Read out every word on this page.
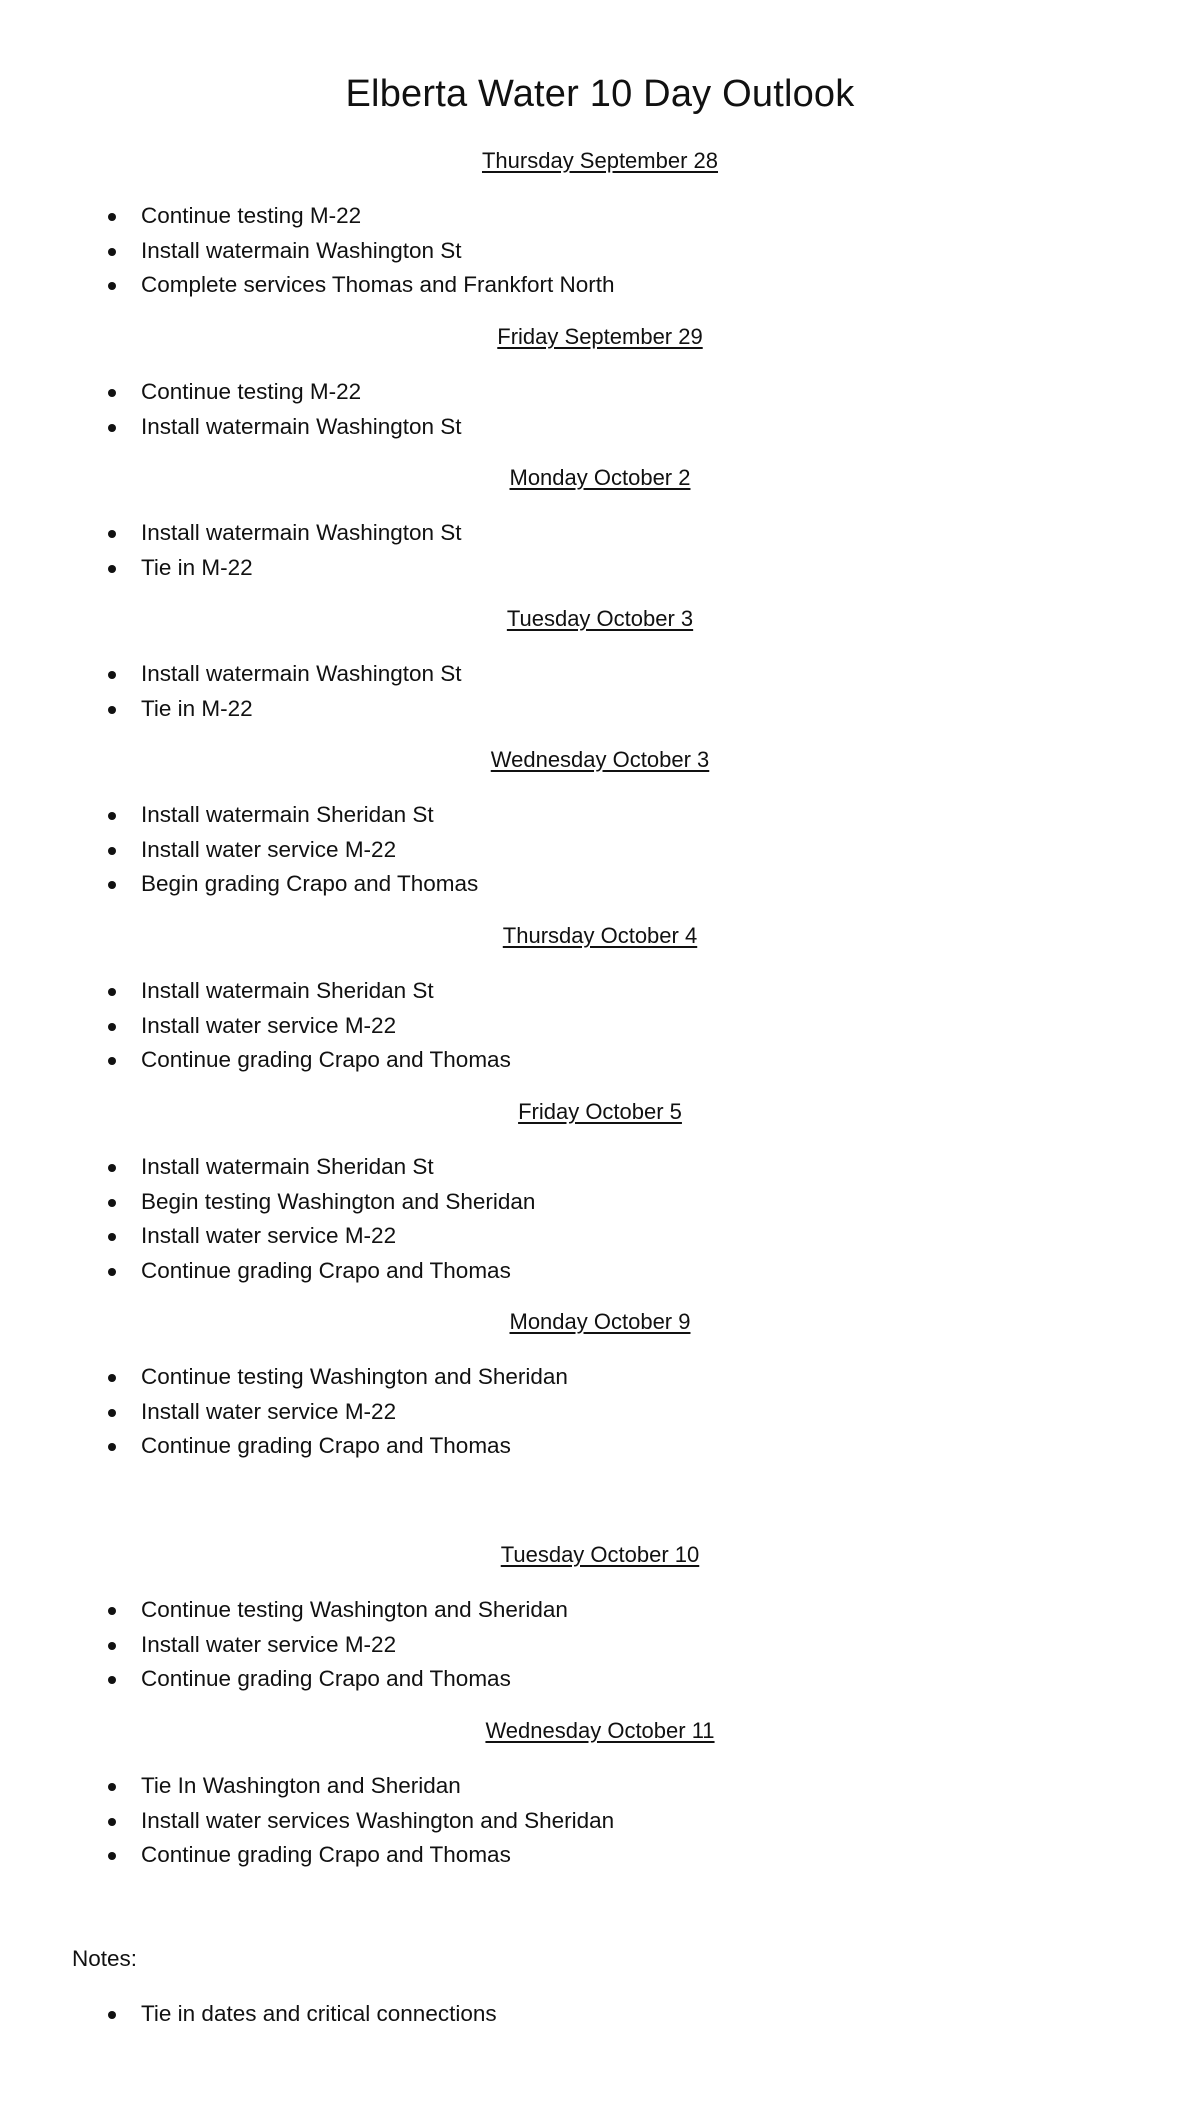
Elberta Water 10 Day Outlook
Thursday September 28
Continue testing M-22
Install watermain Washington St
Complete services Thomas and Frankfort North
Friday September 29
Continue testing M-22
Install watermain Washington St
Monday October 2
Install watermain Washington St
Tie in M-22
Tuesday October 3
Install watermain Washington St
Tie in M-22
Wednesday October 3
Install watermain Sheridan St
Install water service M-22
Begin grading Crapo and Thomas
Thursday October 4
Install watermain Sheridan St
Install water service M-22
Continue grading Crapo and Thomas
Friday October 5
Install watermain Sheridan St
Begin testing Washington and Sheridan
Install water service M-22
Continue grading Crapo and Thomas
Monday October 9
Continue testing Washington and Sheridan
Install water service M-22
Continue grading Crapo and Thomas
Tuesday October 10
Continue testing Washington and Sheridan
Install water service M-22
Continue grading Crapo and Thomas
Wednesday October 11
Tie In Washington and Sheridan
Install water services Washington and Sheridan
Continue grading Crapo and Thomas
Notes:
Tie in dates and critical connections
